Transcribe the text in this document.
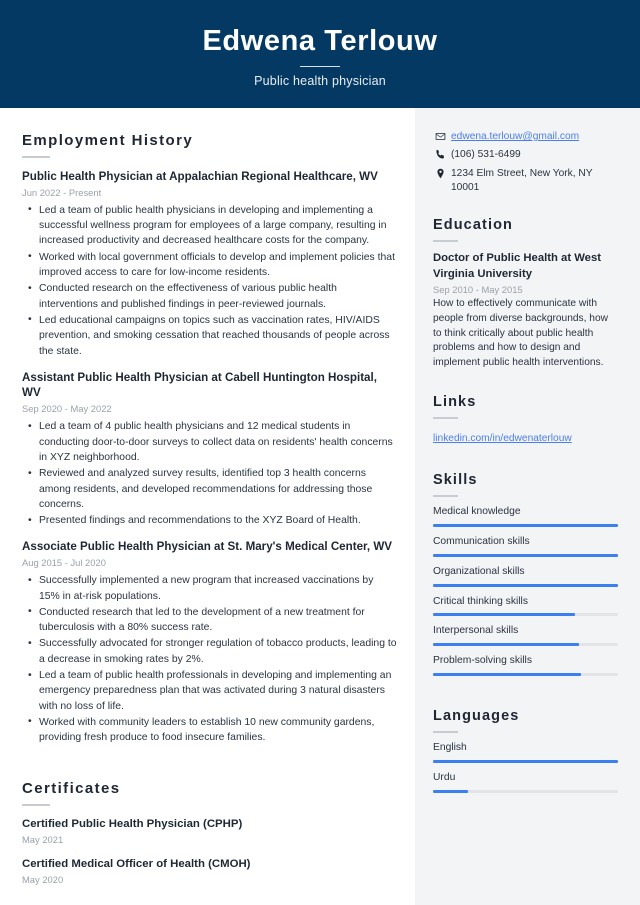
Edwena Terlouw
Public health physician
Employment History
Public Health Physician at Appalachian Regional Healthcare, WV
Jun 2022 - Present
• Led a team of public health physicians in developing and implementing a successful wellness program for employees of a large company, resulting in increased productivity and decreased healthcare costs for the company.
• Worked with local government officials to develop and implement policies that improved access to care for low-income residents.
• Conducted research on the effectiveness of various public health interventions and published findings in peer-reviewed journals.
• Led educational campaigns on topics such as vaccination rates, HIV/AIDS prevention, and smoking cessation that reached thousands of people across the state.
Assistant Public Health Physician at Cabell Huntington Hospital, WV
Sep 2020 - May 2022
• Led a team of 4 public health physicians and 12 medical students in conducting door-to-door surveys to collect data on residents' health concerns in XYZ neighborhood.
• Reviewed and analyzed survey results, identified top 3 health concerns among residents, and developed recommendations for addressing those concerns.
• Presented findings and recommendations to the XYZ Board of Health.
Associate Public Health Physician at St. Mary's Medical Center, WV
Aug 2015 - Jul 2020
• Successfully implemented a new program that increased vaccinations by 15% in at-risk populations.
• Conducted research that led to the development of a new treatment for tuberculosis with a 80% success rate.
• Successfully advocated for stronger regulation of tobacco products, leading to a decrease in smoking rates by 2%.
• Led a team of public health professionals in developing and implementing an emergency preparedness plan that was activated during 3 natural disasters with no loss of life.
• Worked with community leaders to establish 10 new community gardens, providing fresh produce to food insecure families.
Certificates
Certified Public Health Physician (CPHP)
May 2021
Certified Medical Officer of Health (CMOH)
May 2020
edwena.terlouw@gmail.com
(106) 531-6499
1234 Elm Street, New York, NY 10001
Education
Doctor of Public Health at West Virginia University
Sep 2010 - May 2015
How to effectively communicate with people from diverse backgrounds, how to think critically about public health problems and how to design and implement public health interventions.
Links
linkedin.com/in/edwenaterlouw
Skills
Medical knowledge
Communication skills
Organizational skills
Critical thinking skills
Interpersonal skills
Problem-solving skills
Languages
English
Urdu
